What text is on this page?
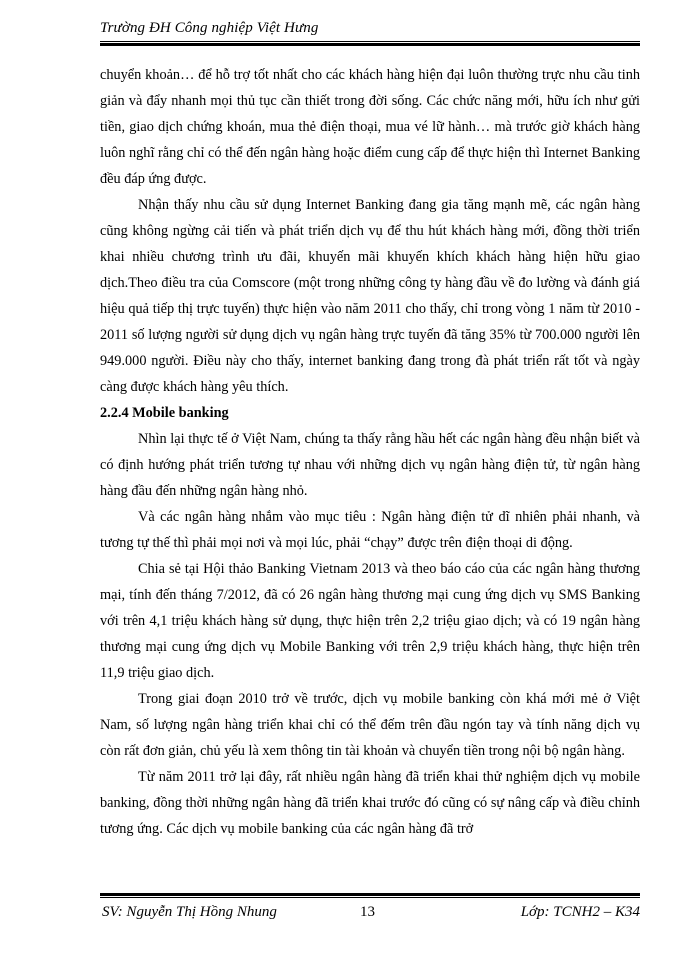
Trường ĐH Công nghiệp Việt Hưng

chuyển khoản… để hỗ trợ tốt nhất cho các khách hàng hiện đại luôn thường trực nhu cầu tinh giản và đẩy nhanh mọi thủ tục cần thiết trong đời sống. Các chức năng mới, hữu ích như gửi tiền, giao dịch chứng khoán, mua thẻ điện thoại, mua vé lữ hành… mà trước giờ khách hàng luôn nghĩ rằng chỉ có thể đến ngân hàng hoặc điểm cung cấp để thực hiện thì Internet Banking đều đáp ứng được.

Nhận thấy nhu cầu sử dụng Internet Banking đang gia tăng mạnh mẽ, các ngân hàng cũng không ngừng cải tiến và phát triển dịch vụ để thu hút khách hàng mới, đồng thời triển khai nhiều chương trình ưu đãi, khuyến mãi khuyến khích khách hàng hiện hữu giao dịch.Theo điều tra của Comscore (một trong những công ty hàng đầu về đo lường và đánh giá hiệu quả tiếp thị trực tuyến) thực hiện vào năm 2011 cho thấy, chỉ trong vòng 1 năm từ 2010 - 2011 số lượng người sử dụng dịch vụ ngân hàng trực tuyến đã tăng 35% từ 700.000 người lên 949.000 người. Điều này cho thấy, internet banking đang trong đà phát triển rất tốt và ngày càng được khách hàng yêu thích.

2.2.4 Mobile banking

Nhìn lại thực tế ở Việt Nam, chúng ta thấy rằng hầu hết các ngân hàng đều nhận biết và có định hướng phát triển tương tự nhau với những dịch vụ ngân hàng điện tử, từ ngân hàng hàng đầu đến những ngân hàng nhỏ.

Và các ngân hàng nhắm vào mục tiêu : Ngân hàng điện tử dĩ nhiên phải nhanh, và tương tự thế thì phải mọi nơi và mọi lúc, phải “chạy” được trên điện thoại di động.

Chia sẻ tại Hội thảo Banking Vietnam 2013 và theo báo cáo của các ngân hàng thương mại, tính đến tháng 7/2012, đã có 26 ngân hàng thương mại cung ứng dịch vụ SMS Banking với trên 4,1 triệu khách hàng sử dụng, thực hiện trên 2,2 triệu giao dịch; và có 19 ngân hàng thương mại cung ứng dịch vụ Mobile Banking với trên 2,9 triệu khách hàng, thực hiện trên 11,9 triệu giao dịch.

Trong giai đoạn 2010 trở về trước, dịch vụ mobile banking còn khá mới mẻ ở Việt Nam, số lượng ngân hàng triển khai chỉ có thể đếm trên đầu ngón tay và tính năng dịch vụ còn rất đơn giản, chủ yếu là xem thông tin tài khoản và chuyển tiền trong nội bộ ngân hàng.

Từ năm 2011 trở lại đây, rất nhiều ngân hàng đã triển khai thử nghiệm dịch vụ mobile banking, đồng thời những ngân hàng đã triển khai trước đó cũng có sự nâng cấp và điều chỉnh tương ứng. Các dịch vụ mobile banking của các ngân hàng đã trở

SV: Nguyễn Thị Hồng Nhung	13	Lớp: TCNH2 – K34
